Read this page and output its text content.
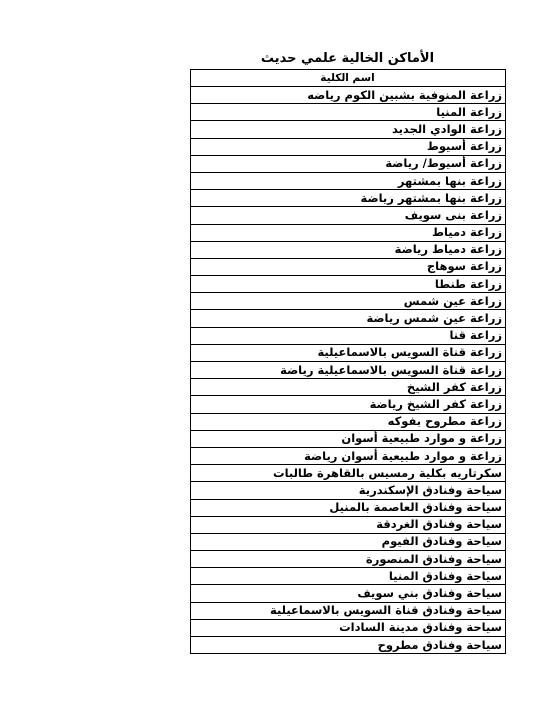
الأماكن الخالية علمي حديث
اسم الكلية
زراعة المنوفية بشبين الكوم رياضه
زراعة المنيا
زراعة الوادي الجديد
زراعة أسيوط
زراعة أسيوط/ رياضة
زراعة بنها بمشتهر
زراعة بنها بمشتهر رياضة
زراعة بنى سويف
زراعة دمياط
زراعة دمياط رياضة
زراعة سوهاج
زراعة طنطا
زراعة عين شمس
زراعة عين شمس رياضة
زراعة قنا
زراعة قناة السويس بالاسماعيلية
زراعة قناة السويس بالاسماعيلية رياضة
زراعة كفر الشيخ
زراعة كفر الشيخ رياضة
زراعة مطروح بفوكه
زراعة و موارد طبيعية أسوان
زراعة و موارد طبيعية أسوان رياضة
سكرتاريه بكلية رمسيس بالقاهرة طالبات
سياحة وفنادق الإسكندرية
سياحة وفنادق العاصمة بالمنيل
سياحة وفنادق الغردقة
سياحة وفنادق الفيوم
سياحة وفنادق المنصورة
سياحة وفنادق المنيا
سياحة وفنادق بني سويف
سياحة وفنادق قناة السويس بالاسماعيلية
سياحة وفنادق مدينة السادات
سياحة وفنادق مطروح
